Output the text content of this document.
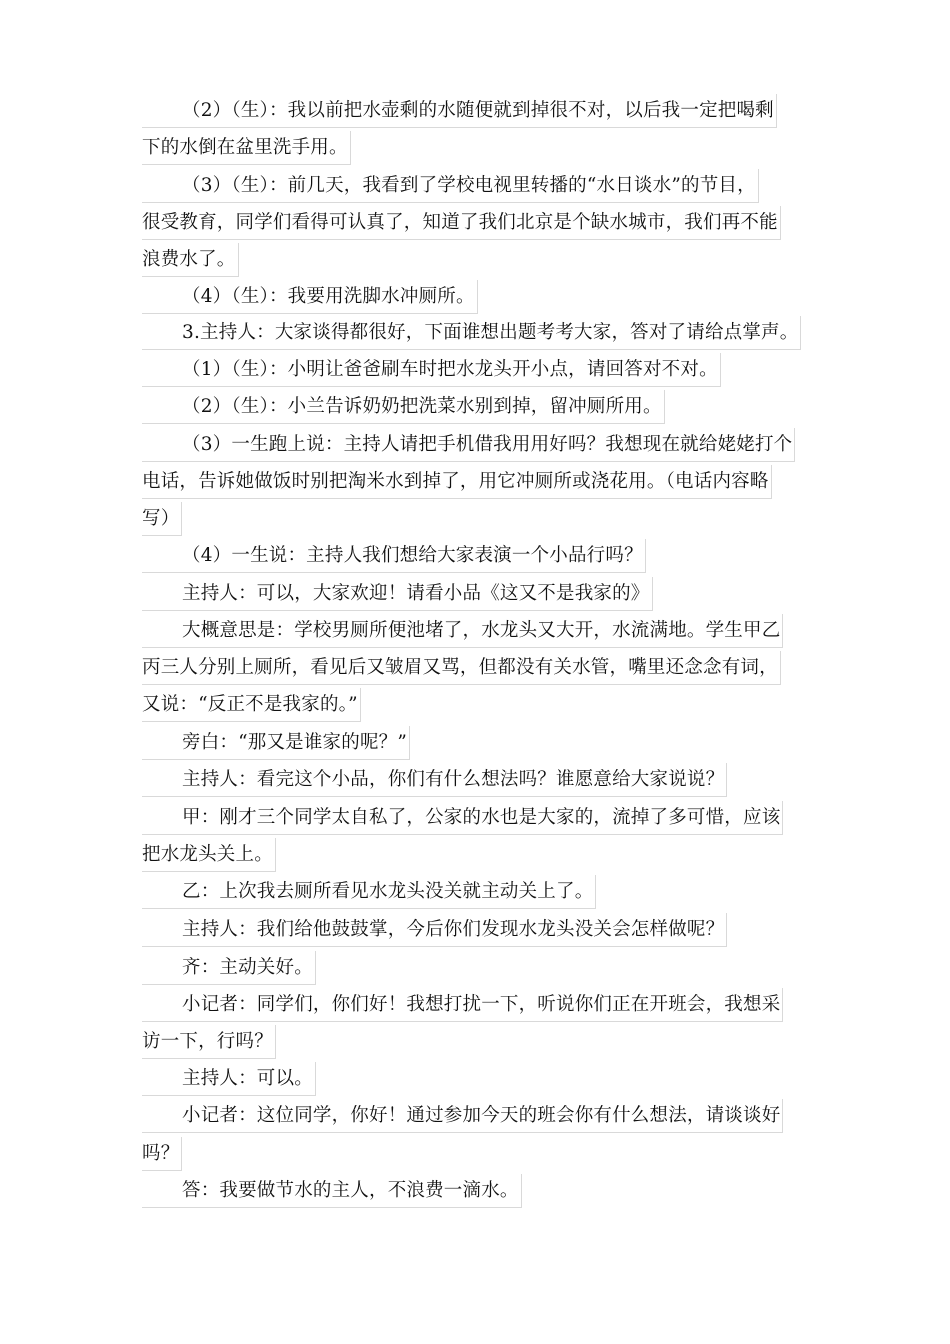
（2）（生）：我以前把水壶剩的水随便就到掉很不对，以后我一定把喝剩
下的水倒在盆里洗手用。
（3）（生）：前几天，我看到了学校电视里转播的“水日谈水”的节目，
很受教育，同学们看得可认真了，知道了我们北京是个缺水城市，我们再不能
浪费水了。
（4）（生）：我要用洗脚水冲厕所。
3.主持人：大家谈得都很好，下面谁想出题考考大家，答对了请给点掌声。
（1）（生）：小明让爸爸刷车时把水龙头开小点，请回答对不对。
（2）（生）：小兰告诉奶奶把洗菜水别到掉，留冲厕所用。
（3）一生跑上说：主持人请把手机借我用用好吗？我想现在就给姥姥打个
电话，告诉她做饭时别把淘米水到掉了，用它冲厕所或浇花用。（电话内容略
写）
（4）一生说：主持人我们想给大家表演一个小品行吗？
主持人：可以，大家欢迎！请看小品《这又不是我家的》
大概意思是：学校男厕所便池堵了，水龙头又大开，水流满地。学生甲乙
丙三人分别上厕所，看见后又皱眉又骂，但都没有关水管，嘴里还念念有词，
又说：“反正不是我家的。”
旁白：“那又是谁家的呢？”
主持人：看完这个小品，你们有什么想法吗？谁愿意给大家说说？
甲：刚才三个同学太自私了，公家的水也是大家的，流掉了多可惜，应该
把水龙头关上。
乙：上次我去厕所看见水龙头没关就主动关上了。
主持人：我们给他鼓鼓掌，今后你们发现水龙头没关会怎样做呢？
齐：主动关好。
小记者：同学们，你们好！我想打扰一下，听说你们正在开班会，我想采
访一下，行吗？
主持人：可以。
小记者：这位同学，你好！通过参加今天的班会你有什么想法，请谈谈好
吗？
答：我要做节水的主人，不浪费一滴水。
